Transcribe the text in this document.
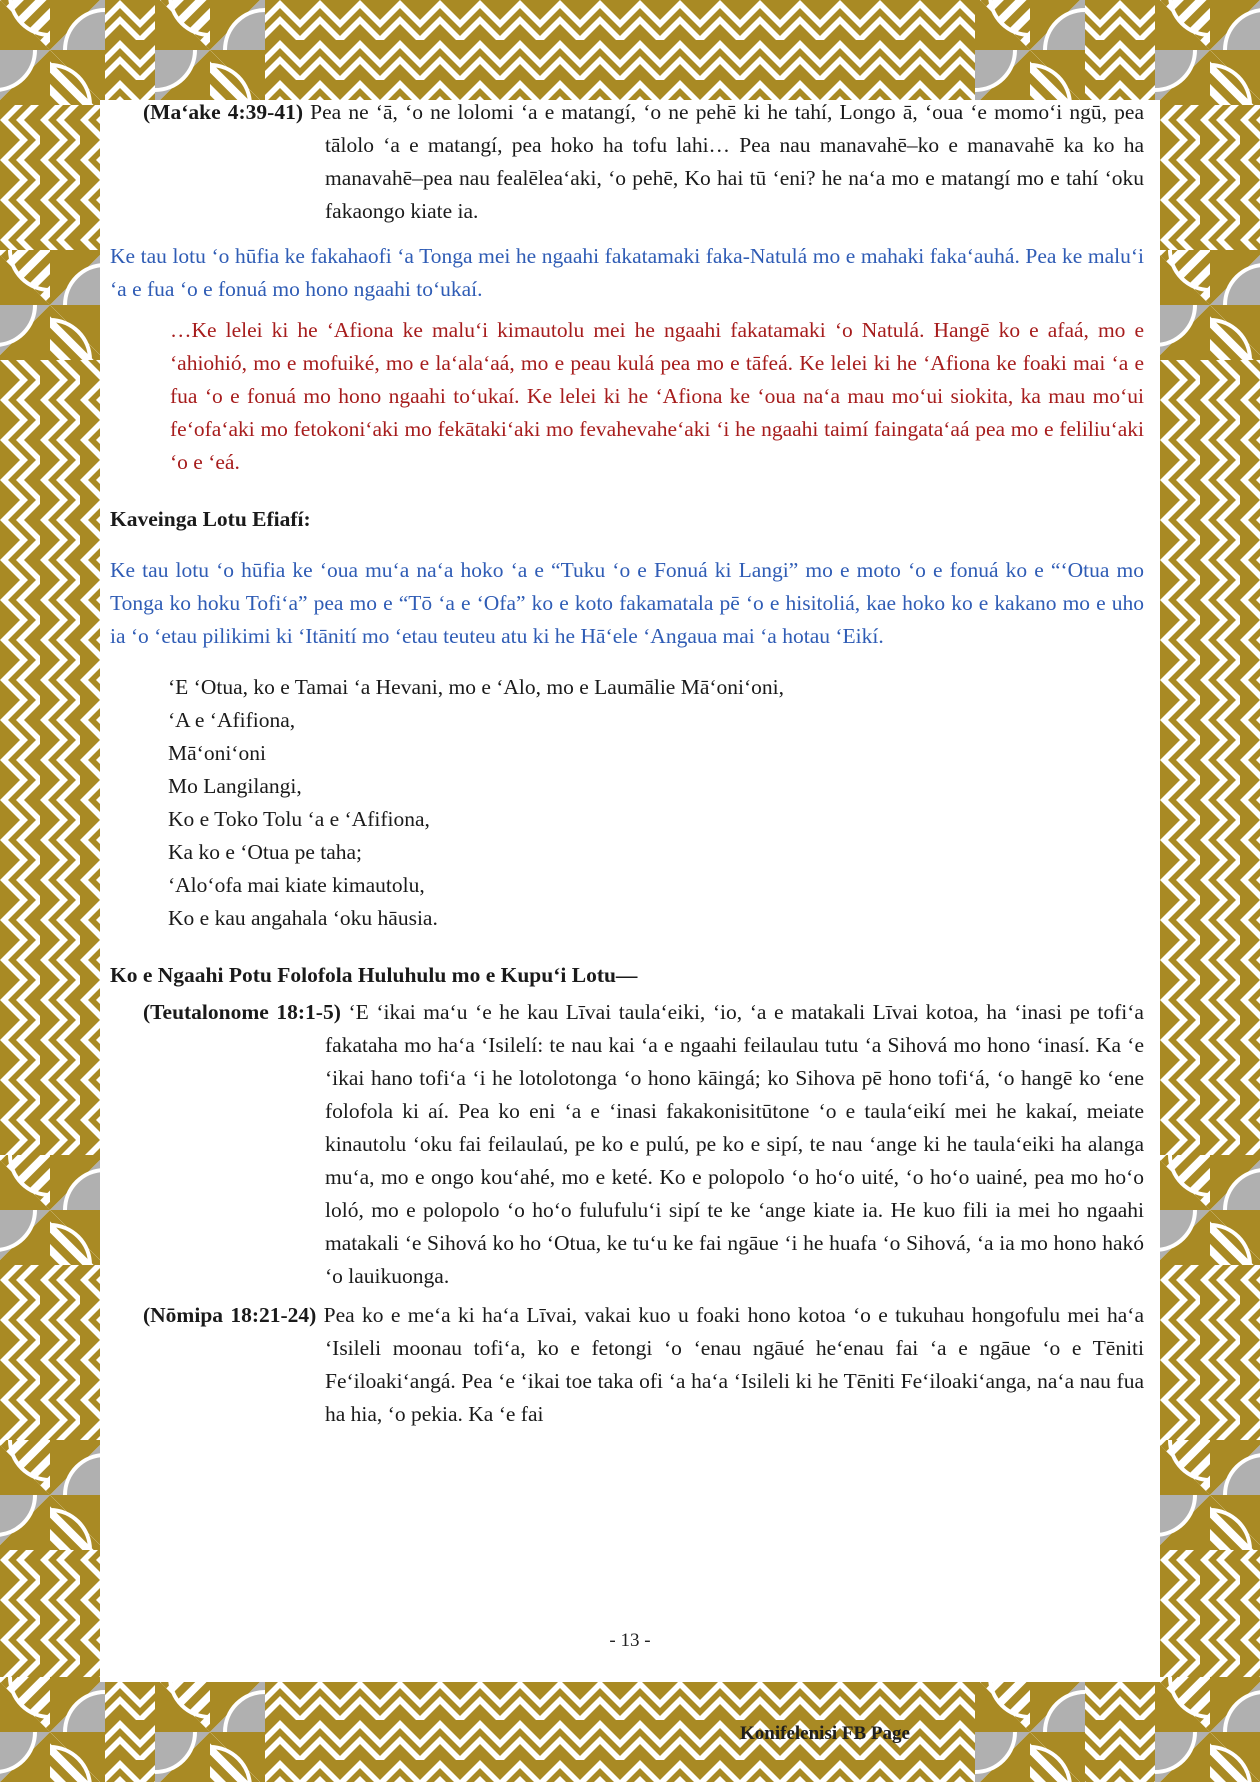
(Maʻake 4:39-41) Pea ne ʻā, ʻo ne lolomi ʻa e matangí, ʻo ne pehē ki he tahí, Longo ā, ʻoua ʻe momoʻi ngū, pea tālolo ʻa e matangí, pea hoko ha tofu lahi… Pea nau manavahē–ko e manavahē ka ko ha manavahē–pea nau fealēleaʻaki, ʻo pehē, Ko hai tū ʻeni? he naʻa mo e matangí mo e tahí ʻoku fakaongo kiate ia.

Ke tau lotu ʻo hūfia ke fakahaofi ʻa Tonga mei he ngaahi fakatamaki faka-Natulá mo e mahaki fakaʻauhá. Pea ke maluʻi ʻa e fua ʻo e fonuá mo hono ngaahi toʻukaí.

…Ke lelei ki he ʻAfiona ke maluʻi kimautolu mei he ngaahi fakatamaki ʻo Natulá. Hangē ko e afaá, mo e ʻahiohió, mo e mofuiké, mo e laʻalaʻaá, mo e peau kulá pea mo e tāfeá. Ke lelei ki he ʻAfiona ke foaki mai ʻa e fua ʻo e fonuá mo hono ngaahi toʻukaí. Ke lelei ki he ʻAfiona ke ʻoua naʻa mau moʻui siokita, ka mau moʻui feʻofaʻaki mo fetokoniʻaki mo fekātakiʻaki mo fevahevaheʻaki ʻi he ngaahi taimí faingataʻaá pea mo e feliliuʻaki ʻo e ʻeá.

Kaveinga Lotu Efiafí:

Ke tau lotu ʻo hūfia ke ʻoua muʻa naʻa hoko ʻa e “Tuku ʻo e Fonuá ki Langi” mo e moto ʻo e fonuá ko e “ʻOtua mo Tonga ko hoku Tofiʻa” pea mo e “Tō ʻa e ʻOfa” ko e koto fakamatala pē ʻo e hisitoliá, kae hoko ko e kakano mo e uho ia ʻo ʻetau pilikimi ki ʻItānití mo ʻetau teuteu atu ki he Hāʻele ʻAngaua mai ʻa hotau ʻEikí.

ʻE ʻOtua, ko e Tamai ʻa Hevani, mo e ʻAlo, mo e Laumālie Māʻoniʻoni,
ʻA e ʻAfifiona,
Māʻoniʻoni
Mo Langilangi,
Ko e Toko Tolu ʻa e ʻAfifiona,
Ka ko e ʻOtua pe taha;
ʻAloʻofa mai kiate kimautolu,
Ko e kau angahala ʻoku hāusia.

Ko e Ngaahi Potu Folofola Huluhulu mo e Kupuʻi Lotu—

(Teutalonome 18:1-5) ʻE ʻikai maʻu ʻe he kau Līvai taulaʻeiki, ʻio, ʻa e matakali Līvai kotoa, ha ʻinasi pe tofiʻa fakataha mo haʻa ʻIsilelí: te nau kai ʻa e ngaahi feilaulau tutu ʻa Sihová mo hono ʻinasí. Ka ʻe ʻikai hano tofiʻa ʻi he lotolotonga ʻo hono kāingá; ko Sihova pē hono tofiʻá, ʻo hangē ko ʻene folofola ki aí. Pea ko eni ʻa e ʻinasi fakakonisitūtone ʻo e taulaʻeikí mei he kakaí, meiate kinautolu ʻoku fai feilaulaú, pe ko e pulú, pe ko e sipí, te nau ʻange ki he taulaʻeiki ha alanga muʻa, mo e ongo kouʻahé, mo e keté. Ko e polopolo ʻo hoʻo uité, ʻo hoʻo uainé, pea mo hoʻo loló, mo e polopolo ʻo hoʻo fulufuluʻi sipí te ke ʻange kiate ia. He kuo fili ia mei ho ngaahi matakali ʻe Sihová ko ho ʻOtua, ke tuʻu ke fai ngāue ʻi he huafa ʻo Sihová, ʻa ia mo hono hakó ʻo lauikuonga.

(Nōmipa 18:21-24) Pea ko e meʻa ki haʻa Līvai, vakai kuo u foaki hono kotoa ʻo e tukuhau hongofulu mei haʻa ʻIsileli moonau tofiʻa, ko e fetongi ʻo ʻenau ngāué heʻenau fai ʻa e ngāue ʻo e Tēniti Feʻiloakiʻangá. Pea ʻe ʻikai toe taka ofi ʻa haʻa ʻIsileli ki he Tēniti Feʻiloakiʻanga, naʻa nau fua ha hia, ʻo pekia. Ka ʻe fai

- 13 -
Konifelenisi FB Page
